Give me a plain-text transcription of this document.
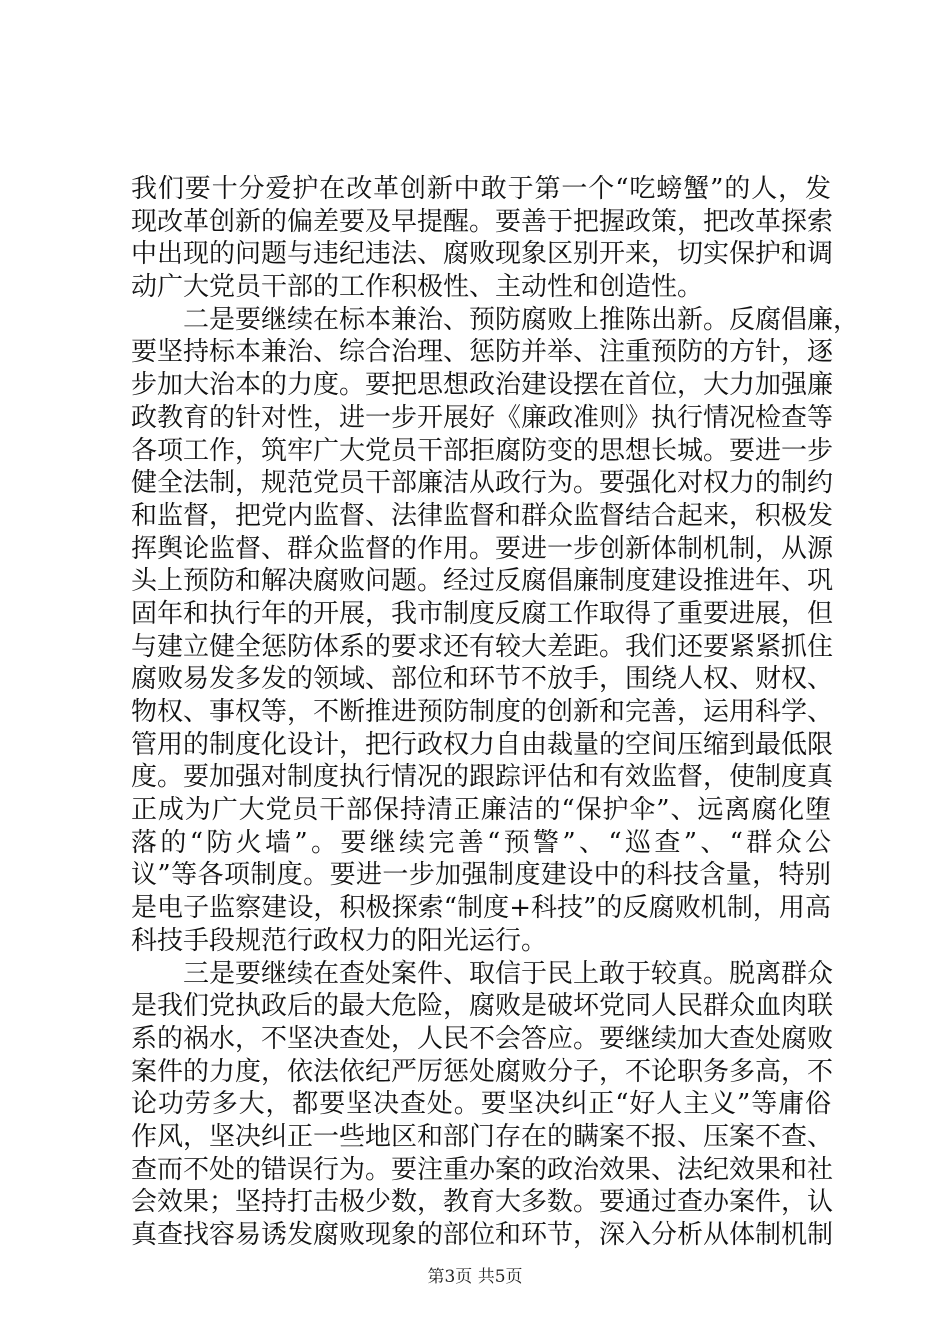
我们要十分爱护在改革创新中敢于第一个“吃螃蟹”的人，发
现改革创新的偏差要及早提醒。要善于把握政策，把改革探索
中出现的问题与违纪违法、腐败现象区别开来，切实保护和调
动广大党员干部的工作积极性、主动性和创造性。
二是要继续在标本兼治、预防腐败上推陈出新。反腐倡廉，
要坚持标本兼治、综合治理、惩防并举、注重预防的方针，逐
步加大治本的力度。要把思想政治建设摆在首位，大力加强廉
政教育的针对性，进一步开展好《廉政准则》执行情况检查等
各项工作，筑牢广大党员干部拒腐防变的思想长城。要进一步
健全法制，规范党员干部廉洁从政行为。要强化对权力的制约
和监督，把党内监督、法律监督和群众监督结合起来，积极发
挥舆论监督、群众监督的作用。要进一步创新体制机制，从源
头上预防和解决腐败问题。经过反腐倡廉制度建设推进年、巩
固年和执行年的开展，我市制度反腐工作取得了重要进展，但
与建立健全惩防体系的要求还有较大差距。我们还要紧紧抓住
腐败易发多发的领域、部位和环节不放手，围绕人权、财权、
物权、事权等，不断推进预防制度的创新和完善，运用科学、
管用的制度化设计，把行政权力自由裁量的空间压缩到最低限
度。要加强对制度执行情况的跟踪评估和有效监督，使制度真
正成为广大党员干部保持清正廉洁的“保护伞”、远离腐化堕
落的“防火墙”。要继续完善“预警”、“巡查”、“群众公
议”等各项制度。要进一步加强制度建设中的科技含量，特别
是电子监察建设，积极探索“制度+科技”的反腐败机制，用高
科技手段规范行政权力的阳光运行。
三是要继续在查处案件、取信于民上敢于较真。脱离群众
是我们党执政后的最大危险，腐败是破坏党同人民群众血肉联
系的祸水，不坚决查处，人民不会答应。要继续加大查处腐败
案件的力度，依法依纪严厉惩处腐败分子，不论职务多高，不
论功劳多大，都要坚决查处。要坚决纠正“好人主义”等庸俗
作风，坚决纠正一些地区和部门存在的瞒案不报、压案不查、
查而不处的错误行为。要注重办案的政治效果、法纪效果和社
会效果；坚持打击极少数，教育大多数。要通过查办案件，认
真查找容易诱发腐败现象的部位和环节，深入分析从体制机制
第3页 共5页
